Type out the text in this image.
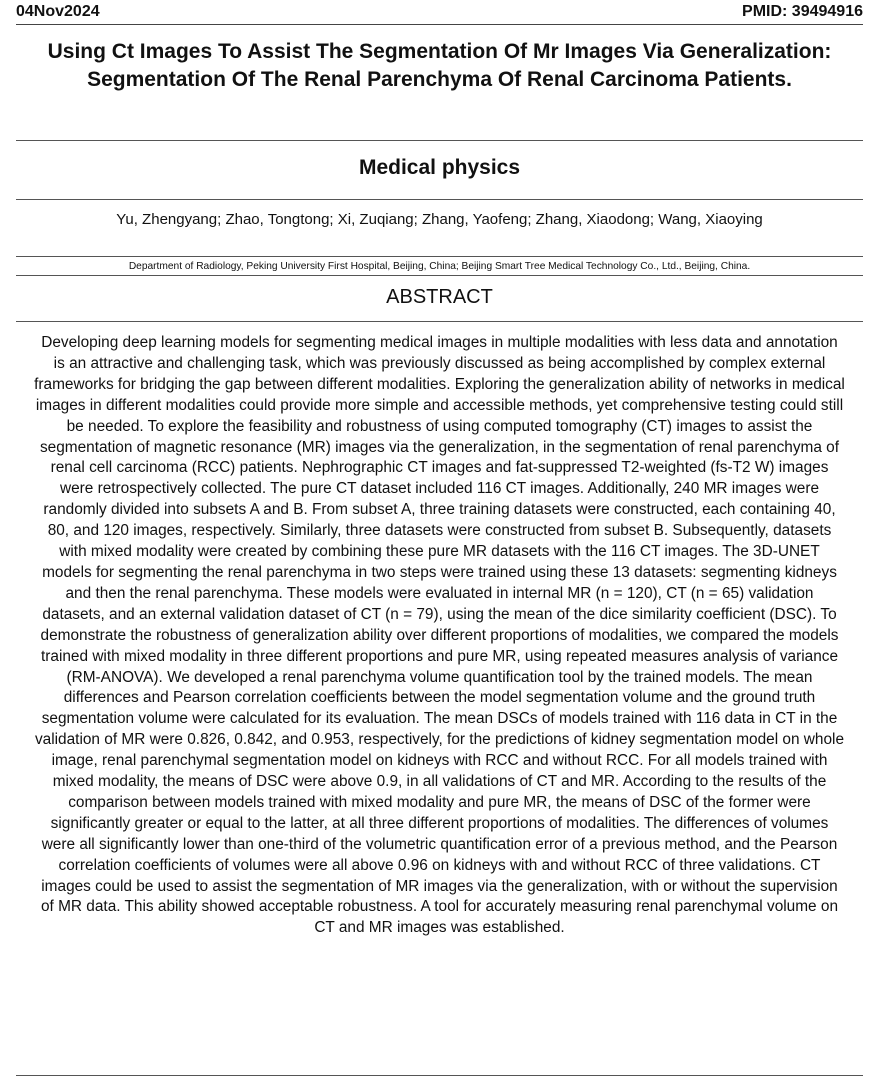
04Nov2024	PMID: 39494916
Using Ct Images To Assist The Segmentation Of Mr Images Via Generalization: Segmentation Of The Renal Parenchyma Of Renal Carcinoma Patients.
Medical physics
Yu, Zhengyang; Zhao, Tongtong; Xi, Zuqiang; Zhang, Yaofeng; Zhang, Xiaodong; Wang, Xiaoying
Department of Radiology, Peking University First Hospital, Beijing, China; Beijing Smart Tree Medical Technology Co., Ltd., Beijing, China.
ABSTRACT
Developing deep learning models for segmenting medical images in multiple modalities with less data and annotation is an attractive and challenging task, which was previously discussed as being accomplished by complex external frameworks for bridging the gap between different modalities. Exploring the generalization ability of networks in medical images in different modalities could provide more simple and accessible methods, yet comprehensive testing could still be needed. To explore the feasibility and robustness of using computed tomography (CT) images to assist the segmentation of magnetic resonance (MR) images via the generalization, in the segmentation of renal parenchyma of renal cell carcinoma (RCC) patients. Nephrographic CT images and fat-suppressed T2-weighted (fs-T2 W) images were retrospectively collected. The pure CT dataset included 116 CT images. Additionally, 240 MR images were randomly divided into subsets A and B. From subset A, three training datasets were constructed, each containing 40, 80, and 120 images, respectively. Similarly, three datasets were constructed from subset B. Subsequently, datasets with mixed modality were created by combining these pure MR datasets with the 116 CT images. The 3D-UNET models for segmenting the renal parenchyma in two steps were trained using these 13 datasets: segmenting kidneys and then the renal parenchyma. These models were evaluated in internal MR (n = 120), CT (n = 65) validation datasets, and an external validation dataset of CT (n = 79), using the mean of the dice similarity coefficient (DSC). To demonstrate the robustness of generalization ability over different proportions of modalities, we compared the models trained with mixed modality in three different proportions and pure MR, using repeated measures analysis of variance (RM-ANOVA). We developed a renal parenchyma volume quantification tool by the trained models. The mean differences and Pearson correlation coefficients between the model segmentation volume and the ground truth segmentation volume were calculated for its evaluation. The mean DSCs of models trained with 116 data in CT in the validation of MR were 0.826, 0.842, and 0.953, respectively, for the predictions of kidney segmentation model on whole image, renal parenchymal segmentation model on kidneys with RCC and without RCC. For all models trained with mixed modality, the means of DSC were above 0.9, in all validations of CT and MR. According to the results of the comparison between models trained with mixed modality and pure MR, the means of DSC of the former were significantly greater or equal to the latter, at all three different proportions of modalities. The differences of volumes were all significantly lower than one-third of the volumetric quantification error of a previous method, and the Pearson correlation coefficients of volumes were all above 0.96 on kidneys with and without RCC of three validations. CT images could be used to assist the segmentation of MR images via the generalization, with or without the supervision of MR data. This ability showed acceptable robustness. A tool for accurately measuring renal parenchymal volume on CT and MR images was established.
